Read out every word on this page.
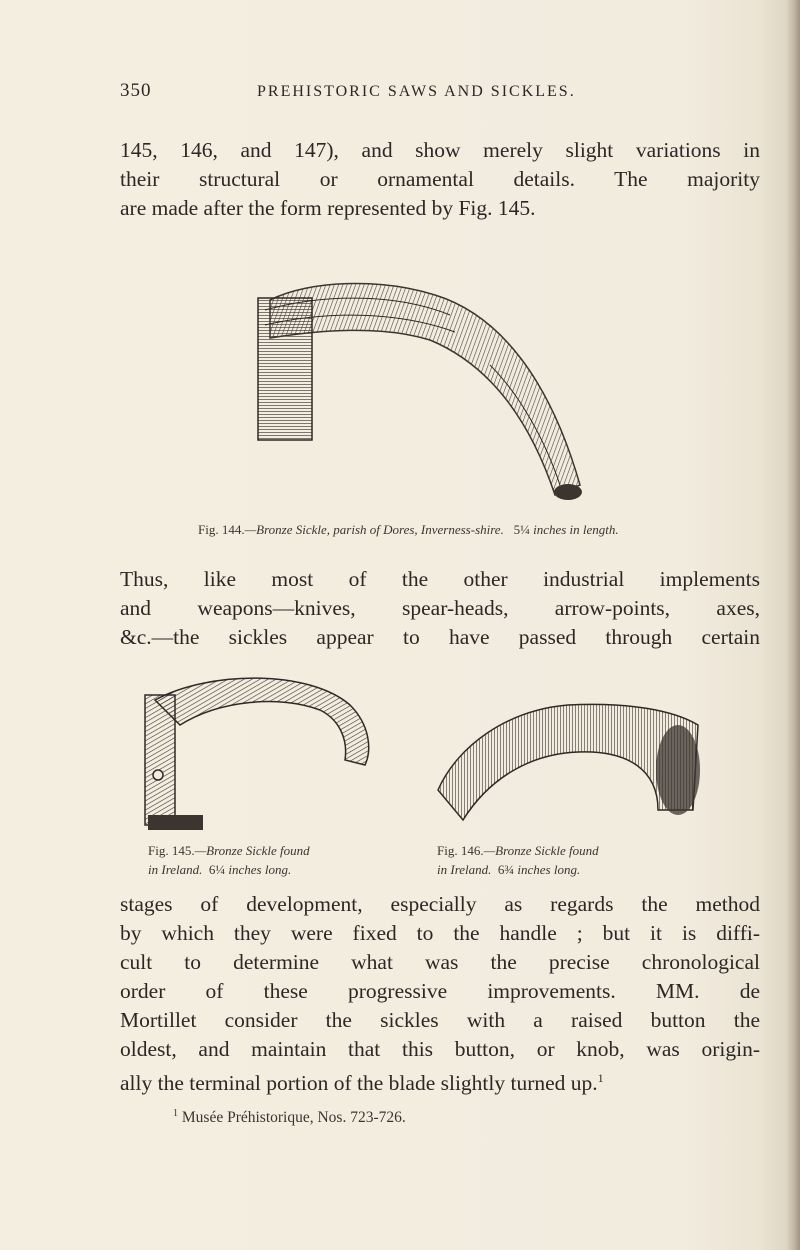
350	PREHISTORIC SAWS AND SICKLES.
145, 146, and 147), and show merely slight variations in
their structural or ornamental details. The majority
are made after the form represented by Fig. 145.
Fig. 144.—Bronze Sickle, parish of Dores, Inverness-shire. 5¼ inches in length.
Thus, like most of the other industrial implements
and weapons—knives, spear-heads, arrow-points, axes,
&c.—the sickles appear to have passed through certain
Fig. 145.—Bronze Sickle found
in Ireland. 6¼ inches long.
Fig. 146.—Bronze Sickle found
in Ireland. 6¾ inches long.
stages of development, especially as regards the method
by which they were fixed to the handle ; but it is diffi-
cult to determine what was the precise chronological
order of these progressive improvements. MM. de
Mortillet consider the sickles with a raised button the
oldest, and maintain that this button, or knob, was origin-
ally the terminal portion of the blade slightly turned up.$^1$
$^1$ Musée Préhistorique, Nos. 723-726.
